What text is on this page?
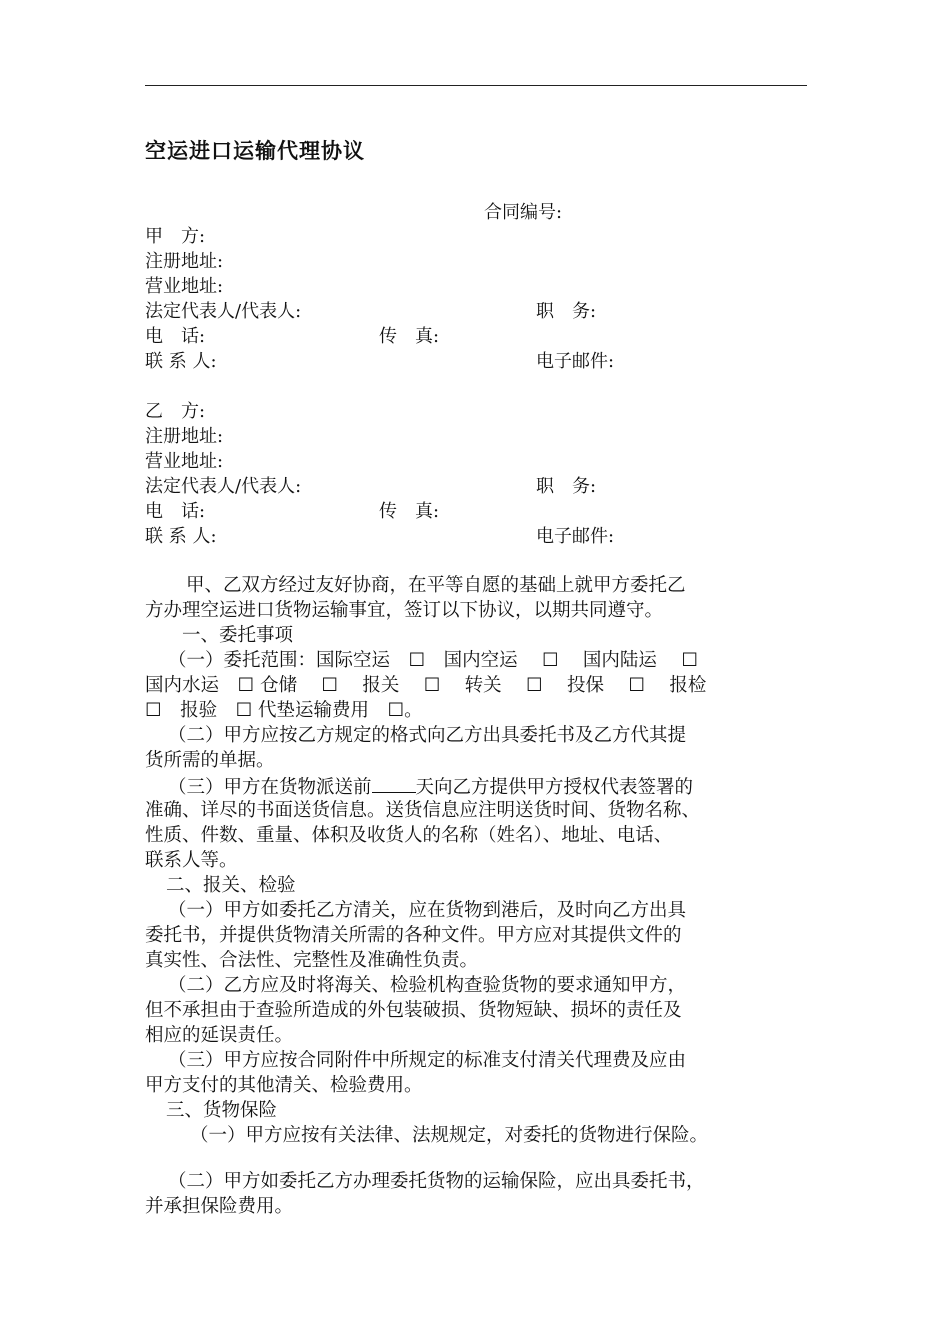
空运进口运输代理协议
合同编号:
甲　方:
注册地址:
营业地址:
法定代表人/代表人:	职　务:
电　话:	传　真:
联 系 人:	电子邮件:
乙　方:
注册地址:
营业地址:
法定代表人/代表人:	职　务:
电　话:	传　真:
联 系 人:	电子邮件:
甲、乙双方经过友好协商，在平等自愿的基础上就甲方委托乙
方办理空运进口货物运输事宜，签订以下协议，以期共同遵守。
一、委托事项
（一）委托范围：国际空运　☐　国内空运　 ☐　 国内陆运　 ☐
国内水运　☐ 仓储　 ☐　 报关　 ☐　 转关　 ☐　 投保　 ☐　 报检
☐　报验　☐ 代垫运输费用　☐。
（二）甲方应按乙方规定的格式向乙方出具委托书及乙方代其提
货所需的单据。
（三）甲方在货物派送前 天向乙方提供甲方授权代表签署的
准确、详尽的书面送货信息。送货信息应注明送货时间、货物名称、
性质、件数、重量、体积及收货人的名称（姓名）、地址、电话、
联系人等。
二、报关、检验
（一）甲方如委托乙方清关，应在货物到港后，及时向乙方出具
委托书，并提供货物清关所需的各种文件。甲方应对其提供文件的
真实性、合法性、完整性及准确性负责。
（二）乙方应及时将海关、检验机构查验货物的要求通知甲方，
但不承担由于查验所造成的外包装破损、货物短缺、损坏的责任及
相应的延误责任。
（三）甲方应按合同附件中所规定的标准支付清关代理费及应由
甲方支付的其他清关、检验费用。
三、货物保险
（一）甲方应按有关法律、法规规定，对委托的货物进行保险。
（二）甲方如委托乙方办理委托货物的运输保险，应出具委托书，
并承担保险费用。
